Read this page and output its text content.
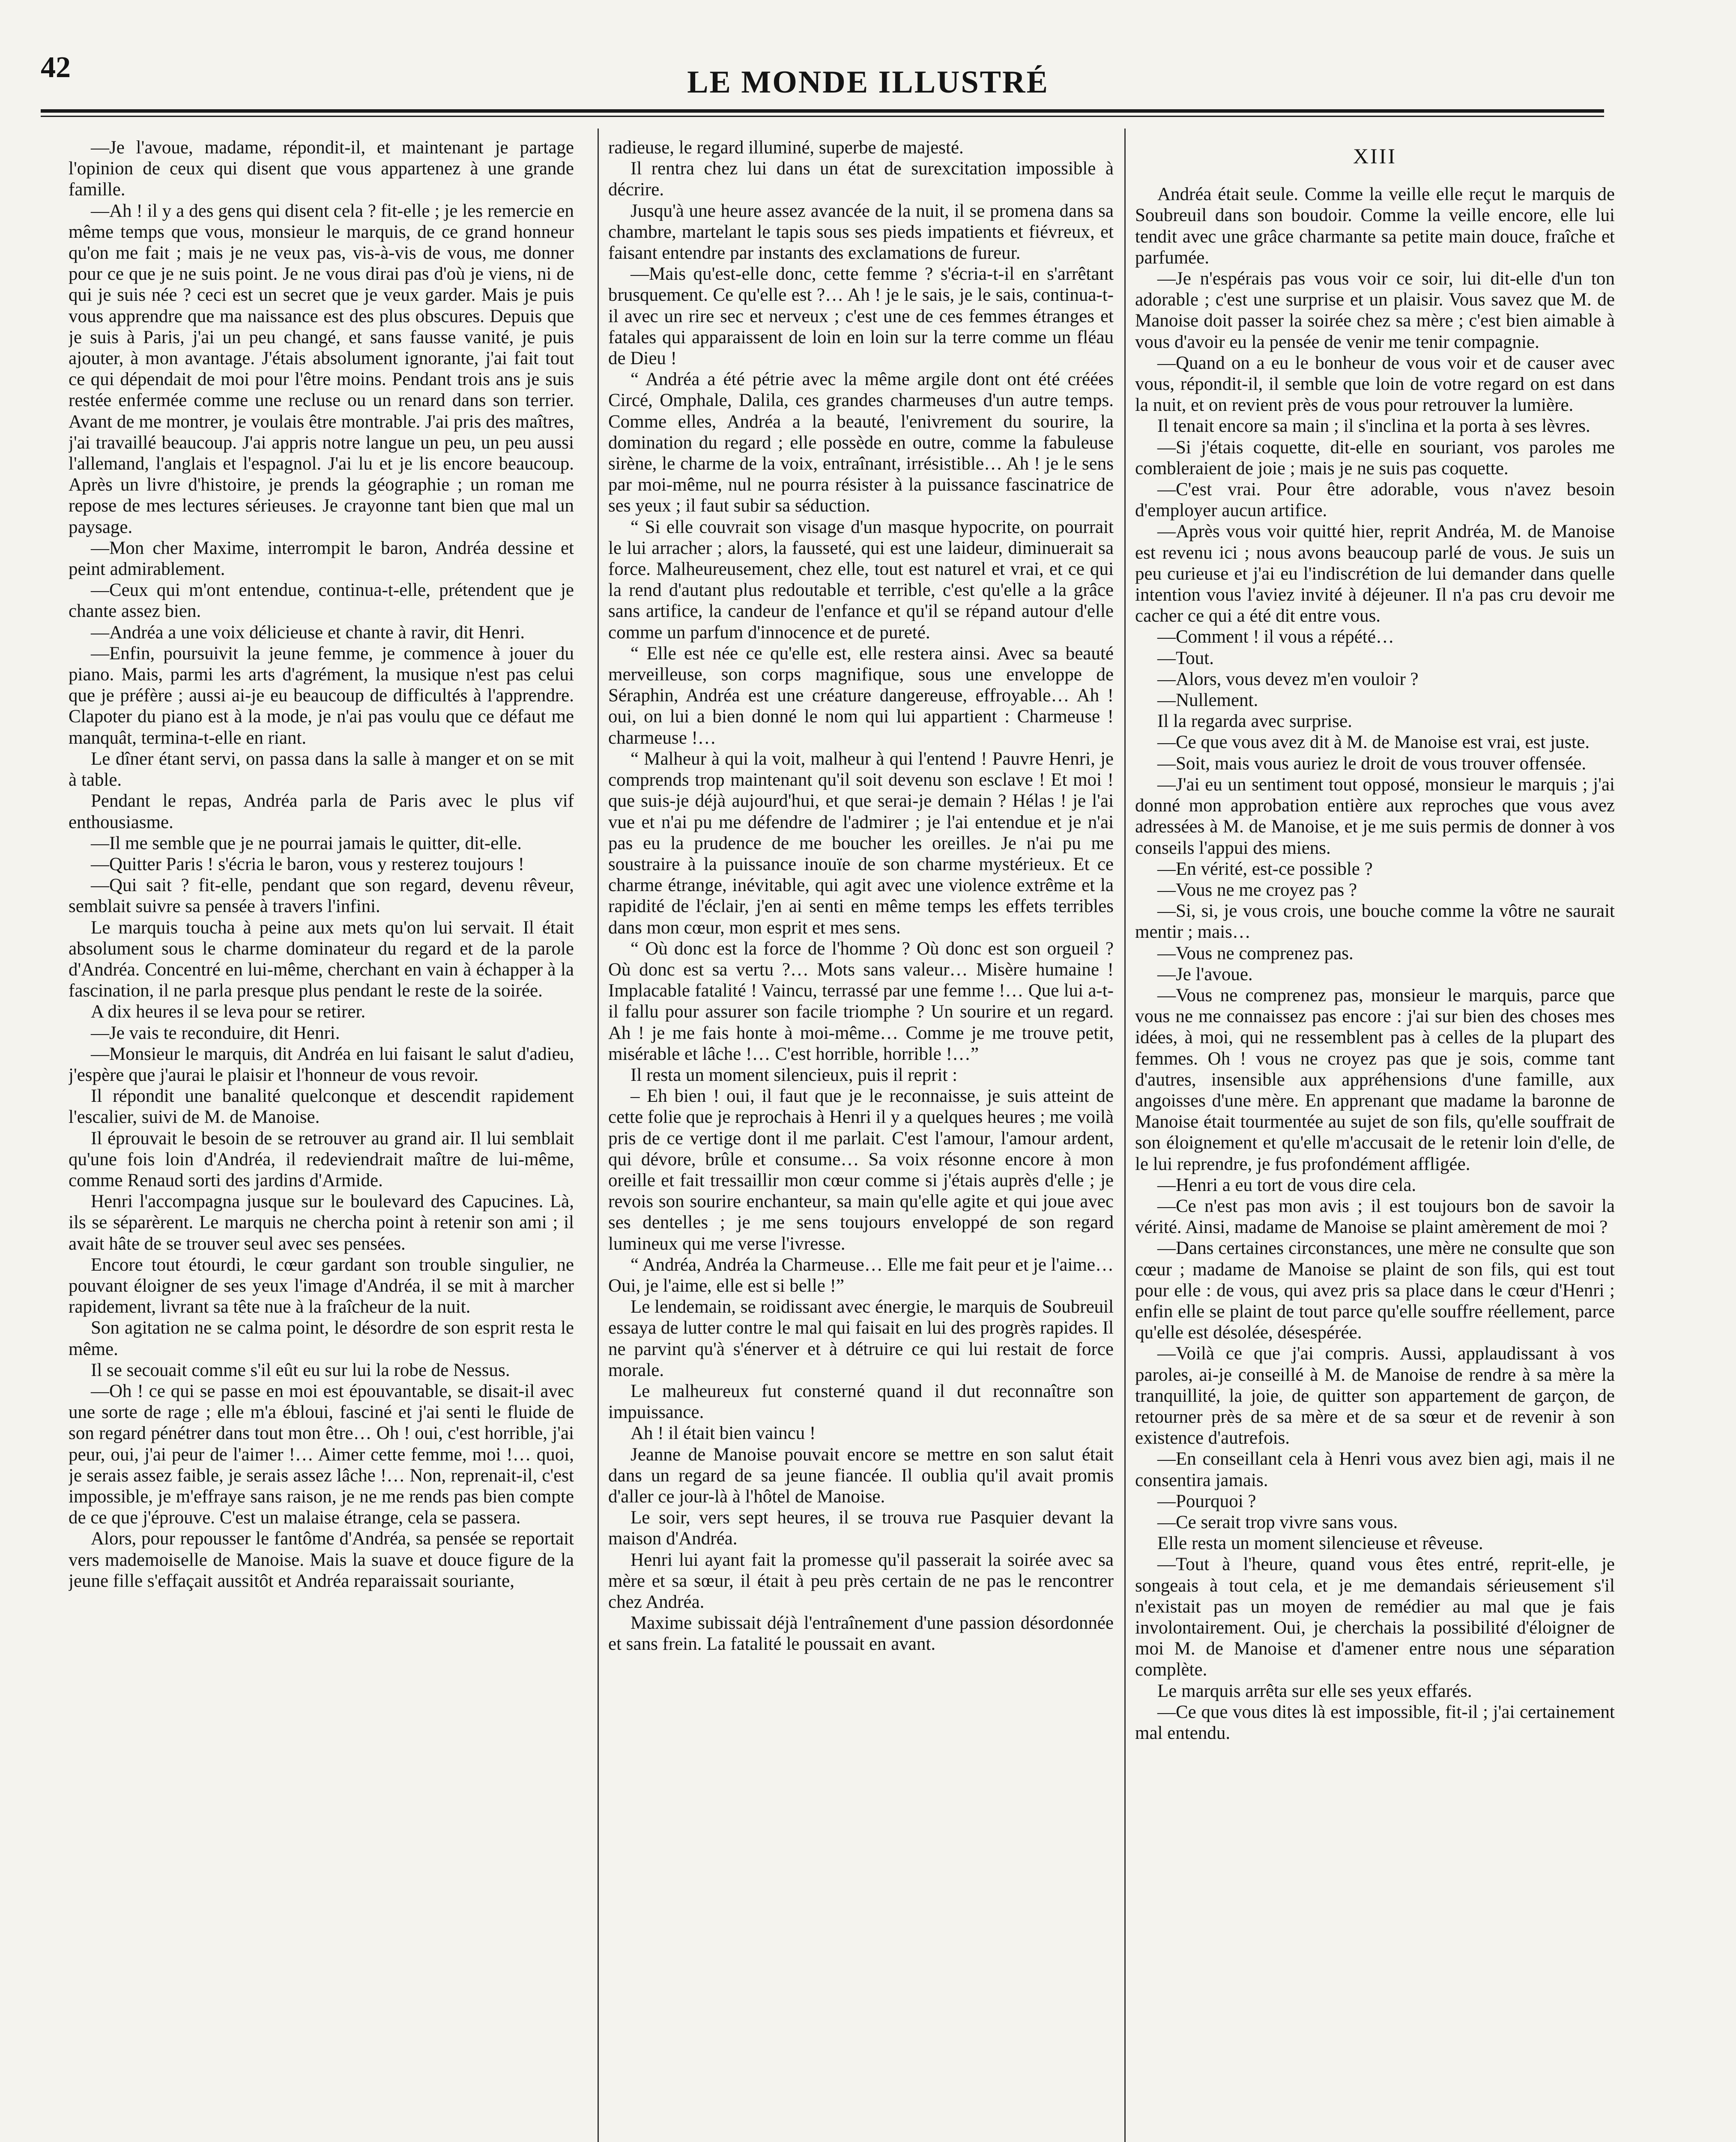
42	LE MONDE ILLUSTRÉ

—Je l'avoue, madame, répondit-il, et maintenant je partage l'opinion de ceux qui disent que vous appartenez à une grande famille.

—Ah ! il y a des gens qui disent cela ? fit-elle ; je les remercie en même temps que vous, monsieur le marquis, de ce grand honneur qu'on me fait ; mais je ne veux pas, vis-à-vis de vous, me donner pour ce que je ne suis point. Je ne vous dirai pas d'où je viens, ni de qui je suis née ? ceci est un secret que je veux garder. Mais je puis vous apprendre que ma naissance est des plus obscures. Depuis que je suis à Paris, j'ai un peu changé, et sans fausse vanité, je puis ajouter, à mon avantage. J'étais absolument ignorante, j'ai fait tout ce qui dépendait de moi pour l'être moins. Pendant trois ans je suis restée enfermée comme une recluse ou un renard dans son terrier. Avant de me montrer, je voulais être montrable. J'ai pris des maîtres, j'ai travaillé beaucoup. J'ai appris notre langue un peu, un peu aussi l'allemand, l'anglais et l'espagnol. J'ai lu et je lis encore beaucoup. Après un livre d'histoire, je prends la géographie ; un roman me repose de mes lectures sérieuses. Je crayonne tant bien que mal un paysage.

—Mon cher Maxime, interrompit le baron, Andréa dessine et peint admirablement.

—Ceux qui m'ont entendue, continua-t-elle, prétendent que je chante assez bien.

—Andréa a une voix délicieuse et chante à ravir, dit Henri.

—Enfin, poursuivit la jeune femme, je commence à jouer du piano. Mais, parmi les arts d'agrément, la musique n'est pas celui que je préfère ; aussi ai-je eu beaucoup de difficultés à l'apprendre. Clapoter du piano est à la mode, je n'ai pas voulu que ce défaut me manquât, termina-t-elle en riant.

Le dîner étant servi, on passa dans la salle à manger et on se mit à table.

Pendant le repas, Andréa parla de Paris avec le plus vif enthousiasme.

—Il me semble que je ne pourrai jamais le quitter, dit-elle.

—Quitter Paris ! s'écria le baron, vous y resterez toujours !

—Qui sait ? fit-elle, pendant que son regard, devenu rêveur, semblait suivre sa pensée à travers l'infini.

Le marquis toucha à peine aux mets qu'on lui servait. Il était absolument sous le charme dominateur du regard et de la parole d'Andréa. Concentré en lui-même, cherchant en vain à échapper à la fascination, il ne parla presque plus pendant le reste de la soirée.

A dix heures il se leva pour se retirer.

—Je vais te reconduire, dit Henri.

—Monsieur le marquis, dit Andréa en lui faisant le salut d'adieu, j'espère que j'aurai le plaisir et l'honneur de vous revoir.

Il répondit une banalité quelconque et descendit rapidement l'escalier, suivi de M. de Manoise.

Il éprouvait le besoin de se retrouver au grand air. Il lui semblait qu'une fois loin d'Andréa, il redeviendrait maître de lui-même, comme Renaud sorti des jardins d'Armide.

Henri l'accompagna jusque sur le boulevard des Capucines. Là, ils se séparèrent. Le marquis ne chercha point à retenir son ami ; il avait hâte de se trouver seul avec ses pensées.

Encore tout étourdi, le cœur gardant son trouble singulier, ne pouvant éloigner de ses yeux l'image d'Andréa, il se mit à marcher rapidement, livrant sa tête nue à la fraîcheur de la nuit.

Son agitation ne se calma point, le désordre de son esprit resta le même.

Il se secouait comme s'il eût eu sur lui la robe de Nessus.

—Oh ! ce qui se passe en moi est épouvantable, se disait-il avec une sorte de rage ; elle m'a ébloui, fasciné et j'ai senti le fluide de son regard pénétrer dans tout mon être… Oh ! oui, c'est horrible, j'ai peur, oui, j'ai peur de l'aimer !… Aimer cette femme, moi !… quoi, je serais assez faible, je serais assez lâche !… Non, reprenait-il, c'est impossible, je m'effraye sans raison, je ne me rends pas bien compte de ce que j'éprouve. C'est un malaise étrange, cela se passera.

Alors, pour repousser le fantôme d'Andréa, sa pensée se reportait vers mademoiselle de Manoise. Mais la suave et douce figure de la jeune fille s'effaçait aussitôt et Andréa reparaissait souriante,

radieuse, le regard illuminé, superbe de majesté.

Il rentra chez lui dans un état de surexcitation impossible à décrire.

Jusqu'à une heure assez avancée de la nuit, il se promena dans sa chambre, martelant le tapis sous ses pieds impatients et fiévreux, et faisant entendre par instants des exclamations de fureur.

—Mais qu'est-elle donc, cette femme ? s'écria-t-il en s'arrêtant brusquement. Ce qu'elle est ?… Ah ! je le sais, je le sais, continua-t-il avec un rire sec et nerveux ; c'est une de ces femmes étranges et fatales qui apparaissent de loin en loin sur la terre comme un fléau de Dieu !

“ Andréa a été pétrie avec la même argile dont ont été créées Circé, Omphale, Dalila, ces grandes charmeuses d'un autre temps. Comme elles, Andréa a la beauté, l'enivrement du sourire, la domination du regard ; elle possède en outre, comme la fabuleuse sirène, le charme de la voix, entraînant, irrésistible… Ah ! je le sens par moi-même, nul ne pourra résister à la puissance fascinatrice de ses yeux ; il faut subir sa séduction.

“ Si elle couvrait son visage d'un masque hypocrite, on pourrait le lui arracher ; alors, la fausseté, qui est une laideur, diminuerait sa force. Malheureusement, chez elle, tout est naturel et vrai, et ce qui la rend d'autant plus redoutable et terrible, c'est qu'elle a la grâce sans artifice, la candeur de l'enfance et qu'il se répand autour d'elle comme un parfum d'innocence et de pureté.

“ Elle est née ce qu'elle est, elle restera ainsi. Avec sa beauté merveilleuse, son corps magnifique, sous une enveloppe de Séraphin, Andréa est une créature dangereuse, effroyable… Ah ! oui, on lui a bien donné le nom qui lui appartient : Charmeuse ! charmeuse !…

“ Malheur à qui la voit, malheur à qui l'entend ! Pauvre Henri, je comprends trop maintenant qu'il soit devenu son esclave ! Et moi ! que suis-je déjà aujourd'hui, et que serai-je demain ? Hélas ! je l'ai vue et n'ai pu me défendre de l'admirer ; je l'ai entendue et je n'ai pas eu la prudence de me boucher les oreilles. Je n'ai pu me soustraire à la puissance inouïe de son charme mystérieux. Et ce charme étrange, inévitable, qui agit avec une violence extrême et la rapidité de l'éclair, j'en ai senti en même temps les effets terribles dans mon cœur, mon esprit et mes sens.

“ Où donc est la force de l'homme ? Où donc est son orgueil ? Où donc est sa vertu ?… Mots sans valeur… Misère humaine ! Implacable fatalité ! Vaincu, terrassé par une femme !… Que lui a-t-il fallu pour assurer son facile triomphe ? Un sourire et un regard. Ah ! je me fais honte à moi-même… Comme je me trouve petit, misérable et lâche !… C'est horrible, horrible !…”

Il resta un moment silencieux, puis il reprit :

– Eh bien ! oui, il faut que je le reconnaisse, je suis atteint de cette folie que je reprochais à Henri il y a quelques heures ; me voilà pris de ce vertige dont il me parlait. C'est l'amour, l'amour ardent, qui dévore, brûle et consume… Sa voix résonne encore à mon oreille et fait tressaillir mon cœur comme si j'étais auprès d'elle ; je revois son sourire enchanteur, sa main qu'elle agite et qui joue avec ses dentelles ; je me sens toujours enveloppé de son regard lumineux qui me verse l'ivresse.

“ Andréa, Andréa la Charmeuse… Elle me fait peur et je l'aime… Oui, je l'aime, elle est si belle !”

Le lendemain, se roidissant avec énergie, le marquis de Soubreuil essaya de lutter contre le mal qui faisait en lui des progrès rapides. Il ne parvint qu'à s'énerver et à détruire ce qui lui restait de force morale.

Le malheureux fut consterné quand il dut reconnaître son impuissance.

Ah ! il était bien vaincu !

Jeanne de Manoise pouvait encore se mettre en son salut était dans un regard de sa jeune fiancée. Il oublia qu'il avait promis d'aller ce jour-là à l'hôtel de Manoise.

Le soir, vers sept heures, il se trouva rue Pasquier devant la maison d'Andréa.

Henri lui ayant fait la promesse qu'il passerait la soirée avec sa mère et sa sœur, il était à peu près certain de ne pas le rencontrer chez Andréa.

Maxime subissait déjà l'entraînement d'une passion désordonnée et sans frein. La fatalité le poussait en avant.

XIII

Andréa était seule. Comme la veille elle reçut le marquis de Soubreuil dans son boudoir. Comme la veille encore, elle lui tendit avec une grâce charmante sa petite main douce, fraîche et parfumée.

—Je n'espérais pas vous voir ce soir, lui dit-elle d'un ton adorable ; c'est une surprise et un plaisir. Vous savez que M. de Manoise doit passer la soirée chez sa mère ; c'est bien aimable à vous d'avoir eu la pensée de venir me tenir compagnie.

—Quand on a eu le bonheur de vous voir et de causer avec vous, répondit-il, il semble que loin de votre regard on est dans la nuit, et on revient près de vous pour retrouver la lumière.

Il tenait encore sa main ; il s'inclina et la porta à ses lèvres.

—Si j'étais coquette, dit-elle en souriant, vos paroles me combleraient de joie ; mais je ne suis pas coquette.

—C'est vrai. Pour être adorable, vous n'avez besoin d'employer aucun artifice.

—Après vous voir quitté hier, reprit Andréa, M. de Manoise est revenu ici ; nous avons beaucoup parlé de vous. Je suis un peu curieuse et j'ai eu l'indiscrétion de lui demander dans quelle intention vous l'aviez invité à déjeuner. Il n'a pas cru devoir me cacher ce qui a été dit entre vous.

—Comment ! il vous a répété…

—Tout.

—Alors, vous devez m'en vouloir ?

—Nullement.

Il la regarda avec surprise.

—Ce que vous avez dit à M. de Manoise est vrai, est juste.

—Soit, mais vous auriez le droit de vous trouver offensée.

—J'ai eu un sentiment tout opposé, monsieur le marquis ; j'ai donné mon approbation entière aux reproches que vous avez adressées à M. de Manoise, et je me suis permis de donner à vos conseils l'appui des miens.

—En vérité, est-ce possible ?

—Vous ne me croyez pas ?

—Si, si, je vous crois, une bouche comme la vôtre ne saurait mentir ; mais…

—Vous ne comprenez pas.

—Je l'avoue.

—Vous ne comprenez pas, monsieur le marquis, parce que vous ne me connaissez pas encore : j'ai sur bien des choses mes idées, à moi, qui ne ressemblent pas à celles de la plupart des femmes. Oh ! vous ne croyez pas que je sois, comme tant d'autres, insensible aux appréhensions d'une famille, aux angoisses d'une mère. En apprenant que madame la baronne de Manoise était tourmentée au sujet de son fils, qu'elle souffrait de son éloignement et qu'elle m'accusait de le retenir loin d'elle, de le lui reprendre, je fus profondément affligée.

—Henri a eu tort de vous dire cela.

—Ce n'est pas mon avis ; il est toujours bon de savoir la vérité. Ainsi, madame de Manoise se plaint amèrement de moi ?

—Dans certaines circonstances, une mère ne consulte que son cœur ; madame de Manoise se plaint de son fils, qui est tout pour elle : de vous, qui avez pris sa place dans le cœur d'Henri ; enfin elle se plaint de tout parce qu'elle souffre réellement, parce qu'elle est désolée, désespérée.

—Voilà ce que j'ai compris. Aussi, applaudissant à vos paroles, ai-je conseillé à M. de Manoise de rendre à sa mère la tranquillité, la joie, de quitter son appartement de garçon, de retourner près de sa mère et de sa sœur et de revenir à son existence d'autrefois.

—En conseillant cela à Henri vous avez bien agi, mais il ne consentira jamais.

—Pourquoi ?

—Ce serait trop vivre sans vous.

Elle resta un moment silencieuse et rêveuse.

—Tout à l'heure, quand vous êtes entré, reprit-elle, je songeais à tout cela, et je me demandais sérieusement s'il n'existait pas un moyen de remédier au mal que je fais involontairement. Oui, je cherchais la possibilité d'éloigner de moi M. de Manoise et d'amener entre nous une séparation complète.

Le marquis arrêta sur elle ses yeux effarés.

—Ce que vous dites là est impossible, fit-il ; j'ai certainement mal entendu.
